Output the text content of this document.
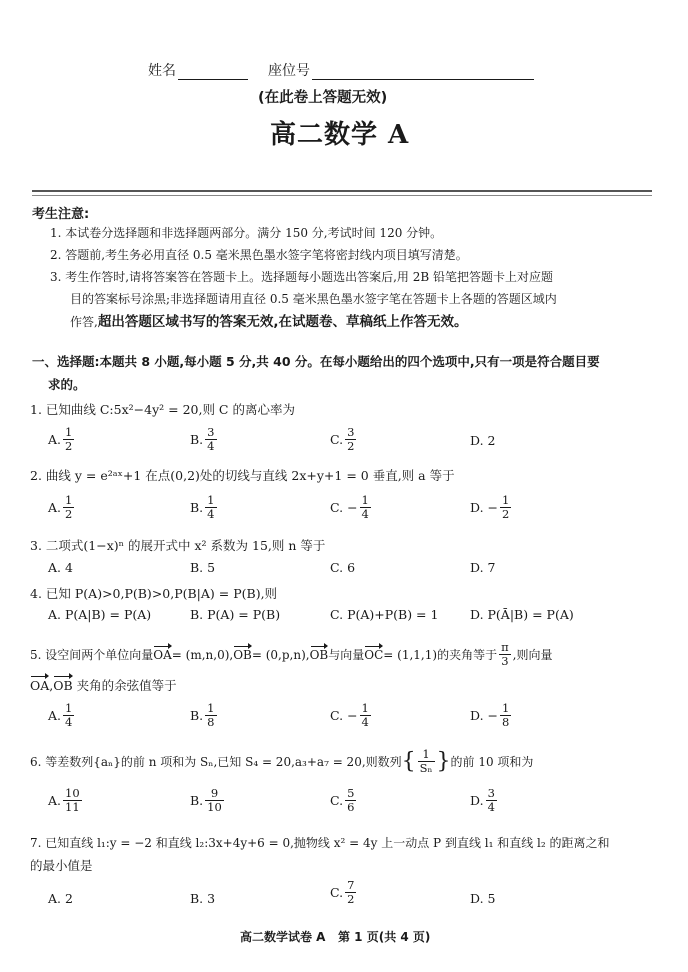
姓名	座位号
(在此卷上答题无效)
高二数学 A
考生注意:
1. 本试卷分选择题和非选择题两部分。满分 150 分,考试时间 120 分钟。
2. 答题前,考生务必用直径 0.5 毫米黑色墨水签字笔将密封线内项目填写清楚。
3. 考生作答时,请将答案答在答题卡上。选择题每小题选出答案后,用 2B 铅笔把答题卡上对应题
目的答案标号涂黑;非选择题请用直径 0.5 毫米黑色墨水签字笔在答题卡上各题的答题区域内
作答,超出答题区域书写的答案无效,在试题卷、草稿纸上作答无效。
一、选择题:本题共 8 小题,每小题 5 分,共 40 分。在每小题给出的四个选项中,只有一项是符合题目要
求的。
1. 已知曲线 C:5x²−4y² = 20,则 C 的离心率为
A. $\frac{1}{2}$	B. $\frac{3}{4}$	C. $\frac{3}{2}$	D. 2
2. 曲线 y = e²ᵃˣ+1 在点(0,2)处的切线与直线 2x+y+1 = 0 垂直,则 a 等于
A. $\frac{1}{2}$	B. $\frac{1}{4}$	C. − $\frac{1}{4}$	D. − $\frac{1}{2}$
3. 二项式(1−x)ⁿ 的展开式中 x² 系数为 15,则 n 等于
A. 4	B. 5	C. 6	D. 7
4. 已知 P(A)>0,P(B)>0,P(B|A) = P(B),则
A. P(A|B) = P(A)	B. P(A) = P(B)	C. P(A)+P(B) = 1	D. P(Ā|B) = P(A)
5. 设空间两个单位向量 OA = (m,n,0), OB = (0,p,n), OB 与向量 OC = (1,1,1)的夹角等于 $\frac{\pi}{3}$ ,则向量
OA,OB 夹角的余弦值等于
A. $\frac{1}{4}$	B. $\frac{1}{8}$	C. − $\frac{1}{4}$	D. − $\frac{1}{8}$
6. 等差数列{aₙ}的前 n 项和为 Sₙ,已知 S₄ = 20,a₃+a₇ = 20,则数列 { $\frac{1}{\text{Sₙ}}$ } 的前 10 项和为
A. $\frac{10}{11}$	B. $\frac{9}{10}$	C. $\frac{5}{6}$	D. $\frac{3}{4}$
7. 已知直线 l₁:y = −2 和直线 l₂:3x+4y+6 = 0,抛物线 x² = 4y 上一动点 P 到直线 l₁ 和直线 l₂ 的距离之和
的最小值是
A. 2	B. 3	C. $\frac{7}{2}$	D. 5
高二数学试卷 A   第 1 页(共 4 页)
